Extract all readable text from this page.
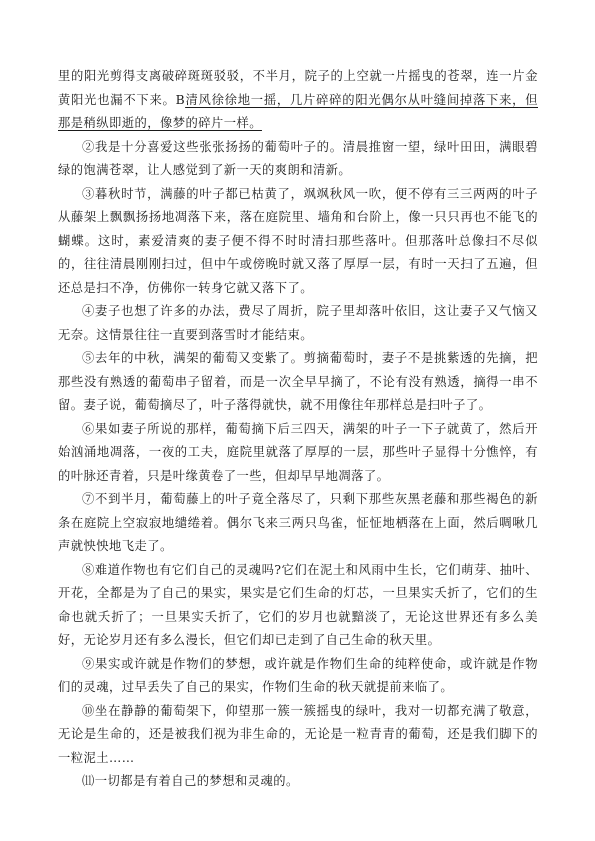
里的阳光剪得支离破碎斑斑驳驳，不半月，院子的上空就一片摇曳的苍翠，连一片金黄阳光也漏不下来。B清风徐徐地一摇，几片碎碎的阳光偶尔从叶缝间掉落下来，但那是稍纵即逝的，像梦的碎片一样。

②我是十分喜爱这些张张扬扬的葡萄叶子的。清晨推窗一望，绿叶田田，满眼碧绿的饱满苍翠，让人感觉到了新一天的爽朗和清新。

③暮秋时节，满藤的叶子都已枯黄了，飒飒秋风一吹，便不停有三三两两的叶子从藤架上飘飘扬扬地凋落下来，落在庭院里、墙角和台阶上，像一只只再也不能飞的蝴蝶。这时，素爱清爽的妻子便不得不时时清扫那些落叶。但那落叶总像扫不尽似的，往往清晨刚刚扫过，但中午或傍晚时就又落了厚厚一层，有时一天扫了五遍，但还总是扫不净，仿佛你一转身它就又落下了。

④妻子也想了许多的办法，费尽了周折，院子里却落叶依旧，这让妻子又气恼又无奈。这情景往往一直要到落雪时才能结束。

⑤去年的中秋，满架的葡萄又变紫了。剪摘葡萄时，妻子不是挑紫透的先摘，把那些没有熟透的葡萄串子留着，而是一次全早早摘了，不论有没有熟透，摘得一串不留。妻子说，葡萄摘尽了，叶子落得就快，就不用像往年那样总是扫叶子了。

⑥果如妻子所说的那样，葡萄摘下后三四天，满架的叶子一下子就黄了，然后开始汹涌地凋落，一夜的工夫，庭院里就落了厚厚的一层，那些叶子显得十分憔悴，有的叶脉还青着，只是叶缘黄卷了一些，但却早早地凋落了。

⑦不到半月，葡萄藤上的叶子竟全落尽了，只剩下那些灰黑老藤和那些褐色的新条在庭院上空寂寂地缱绻着。偶尔飞来三两只鸟雀，怔怔地栖落在上面，然后啁啾几声就怏怏地飞走了。

⑧难道作物也有它们自己的灵魂吗?它们在泥土和风雨中生长，它们萌芽、抽叶、开花，全都是为了自己的果实，果实是它们生命的灯芯，一旦果实夭折了，它们的生命也就夭折了；一旦果实夭折了，它们的岁月也就黯淡了，无论这世界还有多么美好，无论岁月还有多么漫长，但它们却已走到了自己生命的秋天里。

⑨果实或许就是作物们的梦想，或许就是作物们生命的纯粹使命，或许就是作物们的灵魂，过早丢失了自己的果实，作物们生命的秋天就提前来临了。

⑩坐在静静的葡萄架下，仰望那一簇一簇摇曳的绿叶，我对一切都充满了敬意，无论是生命的，还是被我们视为非生命的，无论是一粒青青的葡萄，还是我们脚下的一粒泥土……

⑾一切都是有着自己的梦想和灵魂的。
